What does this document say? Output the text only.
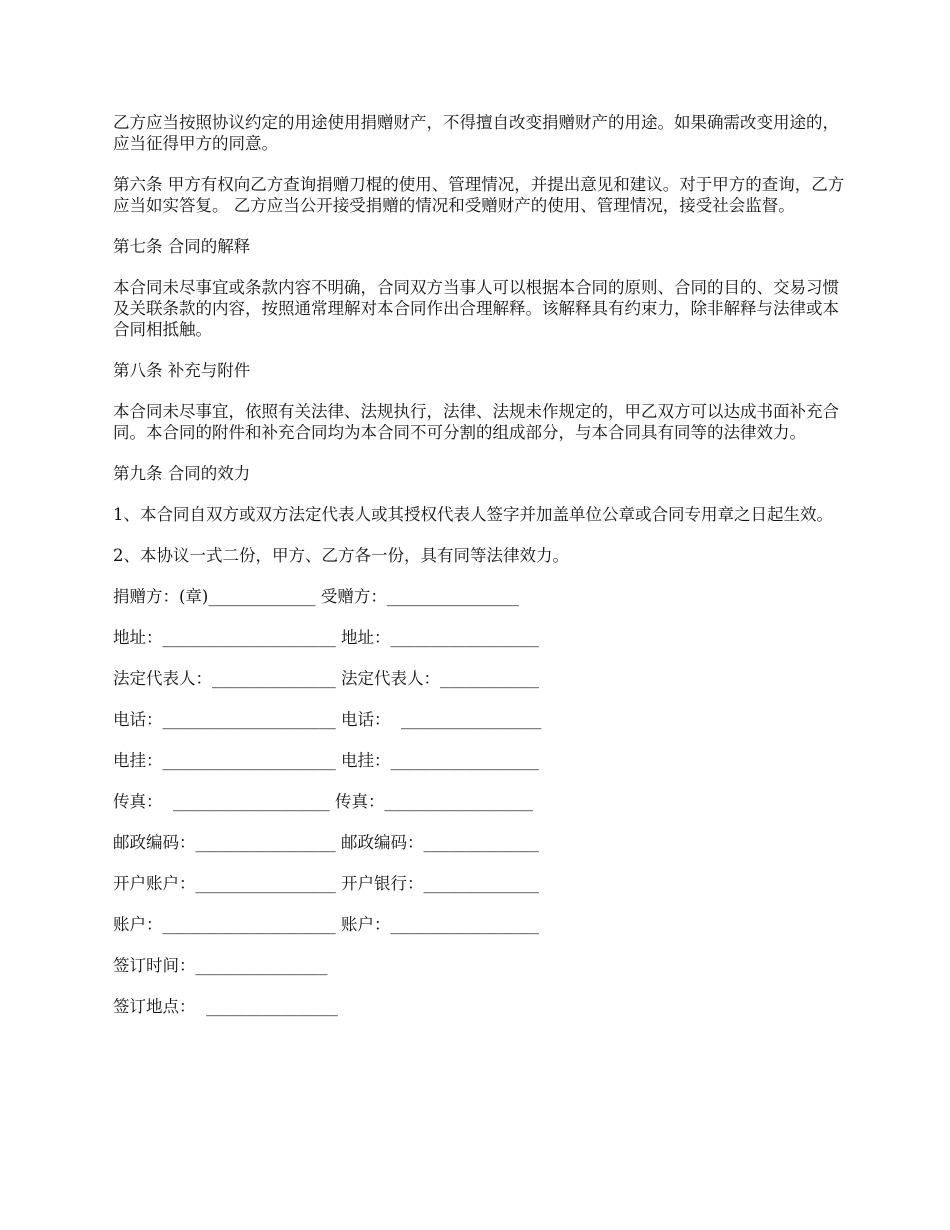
乙方应当按照协议约定的用途使用捐赠财产，不得擅自改变捐赠财产的用途。如果确需改变用途的，应当征得甲方的同意。

第六条 甲方有权向乙方查询捐赠刀棍的使用、管理情况，并提出意见和建议。对于甲方的查询，乙方应当如实答复。 乙方应当公开接受捐赠的情况和受赠财产的使用、管理情况，接受社会监督。

第七条 合同的解释

本合同未尽事宜或条款内容不明确，合同双方当事人可以根据本合同的原则、合同的目的、交易习惯及关联条款的内容，按照通常理解对本合同作出合理解释。该解释具有约束力，除非解释与法律或本合同相抵触。

第八条 补充与附件

本合同未尽事宜，依照有关法律、法规执行，法律、法规未作规定的，甲乙双方可以达成书面补充合同。本合同的附件和补充合同均为本合同不可分割的组成部分，与本合同具有同等的法律效力。

第九条 合同的效力

1、本合同自双方或双方法定代表人或其授权代表人签字并加盖单位公章或合同专用章之日起生效。

2、本协议一式二份，甲方、乙方各一份，具有同等法律效力。

捐赠方：(章)_____________ 受赠方：________________
地址：_____________________ 地址：__________________
法定代表人：_______________ 法定代表人：____________
电话：_____________________ 电话：  _________________
电挂：_____________________ 电挂：__________________
传真：  ___________________ 传真：__________________
邮政编码：_________________ 邮政编码：______________
开户账户：_________________ 开户银行：______________
账户：_____________________ 账户：__________________
签订时间：________________
签订地点：  ________________
